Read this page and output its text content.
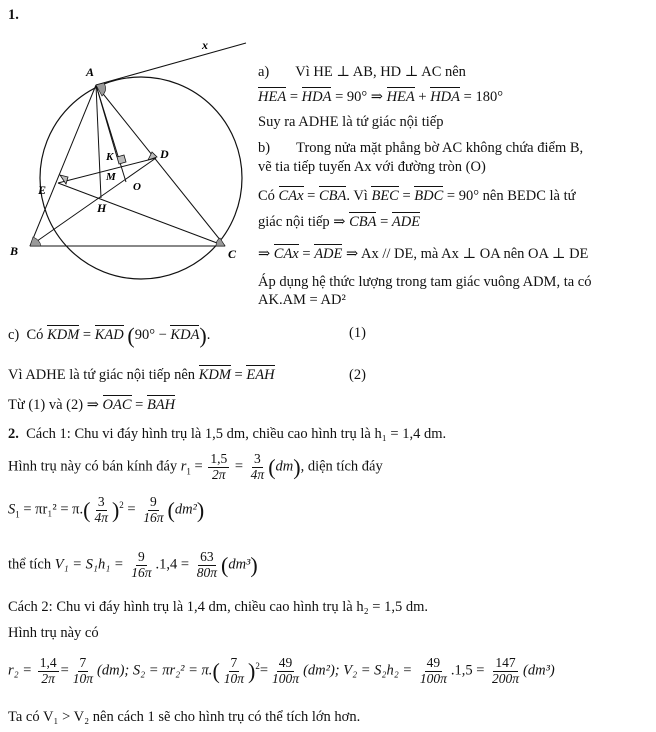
1.
x
A
B	C
D
E
H
K
M
O
a) Vì HE ⊥ AB, HD ⊥ AC nên
HEA = HDA = 90° ⇒ HEA + HDA = 180°
Suy ra ADHE là tứ giác nội tiếp
b) Trong nửa mặt phẳng bờ AC không chứa điểm B,
vẽ tia tiếp tuyến Ax với đường tròn (O)
Có CAx = CBA. Vì BEC = BDC = 90° nên BEDC là tứ
giác nội tiếp ⇒ CBA = ADE
⇒ CAx = ADE ⇒ Ax // DE, mà Ax ⊥ OA nên OA ⊥ DE
Áp dụng hệ thức lượng trong tam giác vuông ADM, ta có
AK.AM = AD²
c) Có KDM = KAD (90° − KDA).	(1)
Vì ADHE là tứ giác nội tiếp nên KDM = EAH	(2)
Từ (1) và (2) ⇒ OAC = BAH
2. Cách 1: Chu vi đáy hình trụ là 1,5 dm, chiều cao hình trụ là h₁ = 1,4 dm.
Hình trụ này có bán kính đáy $r_1 = \frac{1,5}{2\pi} = \frac{3}{4\pi} (dm)$, diện tích đáy
$S_1 = \pi r_1^2 = \pi.( \frac{3}{4\pi} )^2 = \frac{9}{16\pi} (dm^2)$
thể tích $V_1 = S_1h_1 = \frac{9}{16\pi} .1,4 = \frac{63}{80\pi} (dm^3)$
Cách 2: Chu vi đáy hình trụ là 1,4 dm, chiều cao hình trụ là h₂ = 1,5 dm.
Hình trụ này có
$r_2 = \frac{1,4}{2\pi} = \frac{7}{10\pi} (dm)$; $S_2 = \pi r_2^2 = \pi.( \frac{7}{10\pi} )^2= \frac{49}{100\pi} (dm^2)$; $V_2 = S_2h_2 = \frac{49}{100\pi} .1,5 = \frac{147}{200\pi} (dm^3)$
Ta có V₁ > V₂ nên cách 1 sẽ cho hình trụ có thể tích lớn hơn.
